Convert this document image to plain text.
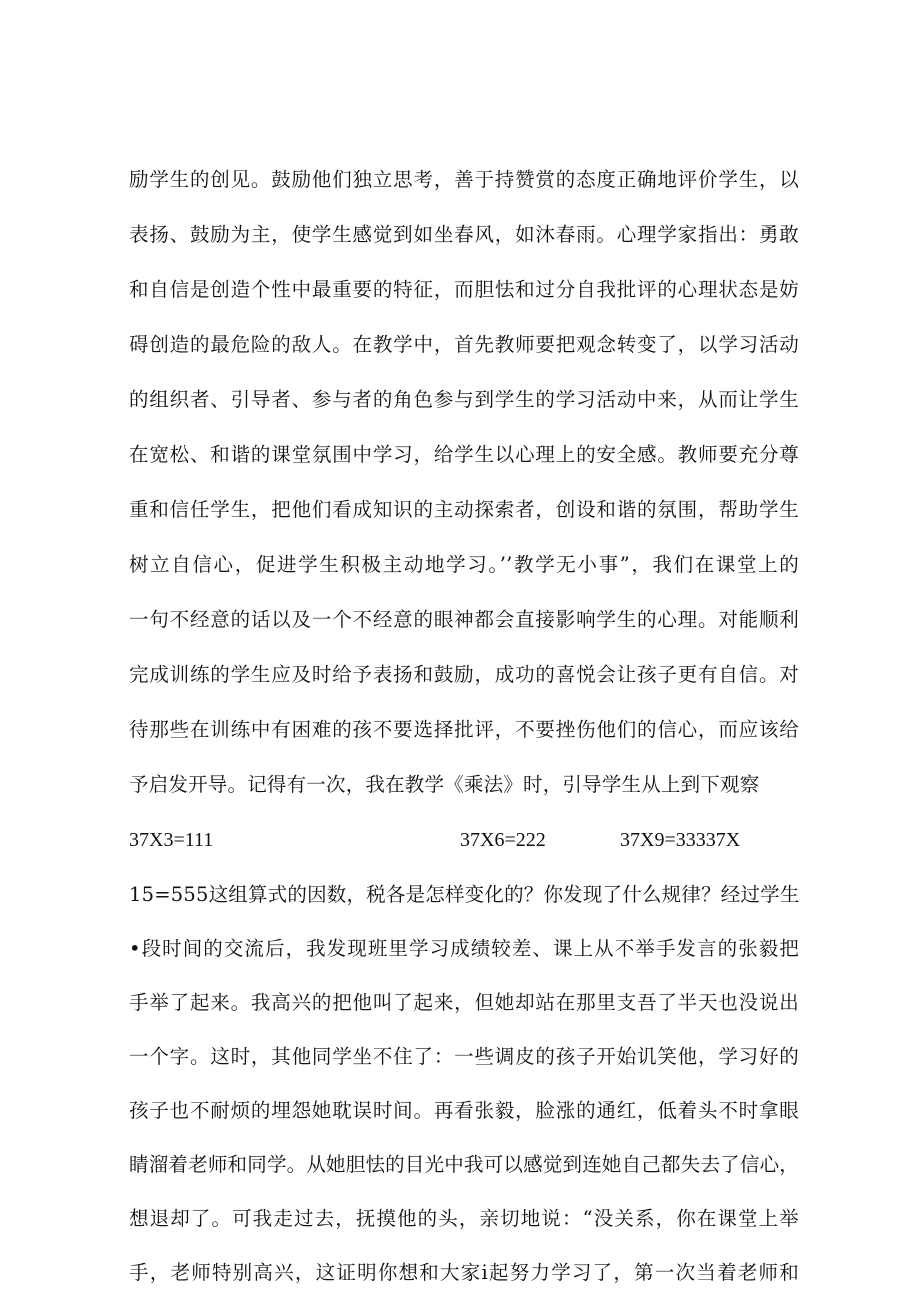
励学生的创见。鼓励他们独立思考，善于持赞赏的态度正确地评价学生，以
表扬、鼓励为主，使学生感觉到如坐春风，如沐春雨。心理学家指出：勇敢
和自信是创造个性中最重要的特征，而胆怯和过分自我批评的心理状态是妨
碍创造的最危险的敌人。在教学中，首先教师要把观念转变了，以学习活动
的组织者、引导者、参与者的角色参与到学生的学习活动中来，从而让学生
在宽松、和谐的课堂氛围中学习，给学生以心理上的安全感。教师要充分尊
重和信任学生，把他们看成知识的主动探索者，创设和谐的氛围，帮助学生
树立自信心，促进学生积极主动地学习。’’教学无小事”，我们在课堂上的
一句不经意的话以及一个不经意的眼神都会直接影响学生的心理。对能顺利
完成训练的学生应及时给予表扬和鼓励，成功的喜悦会让孩子更有自信。对
待那些在训练中有困难的孩不要选择批评，不要挫伤他们的信心，而应该给
予启发开导。记得有一次，我在教学《乘法》时，引导学生从上到下观察
37X3=111	37X6=222	37X9=33337X
15=555这组算式的因数，税各是怎样变化的？你发现了什么规律？经过学生
•段时间的交流后，我发现班里学习成绩较差、课上从不举手发言的张毅把
手举了起来。我高兴的把他叫了起来，但她却站在那里支吾了半天也没说出
一个字。这时，其他同学坐不住了：一些调皮的孩子开始讥笑他，学习好的
孩子也不耐烦的埋怨她耽误时间。再看张毅，脸涨的通红，低着头不时拿眼
睛溜着老师和同学。从她胆怯的目光中我可以感觉到连她自己都失去了信心，
想退却了。可我走过去，抚摸他的头，亲切地说：“没关系，你在课堂上举
手，老师特别高兴，这证明你想和大家i起努力学习了，第一次当着老师和
